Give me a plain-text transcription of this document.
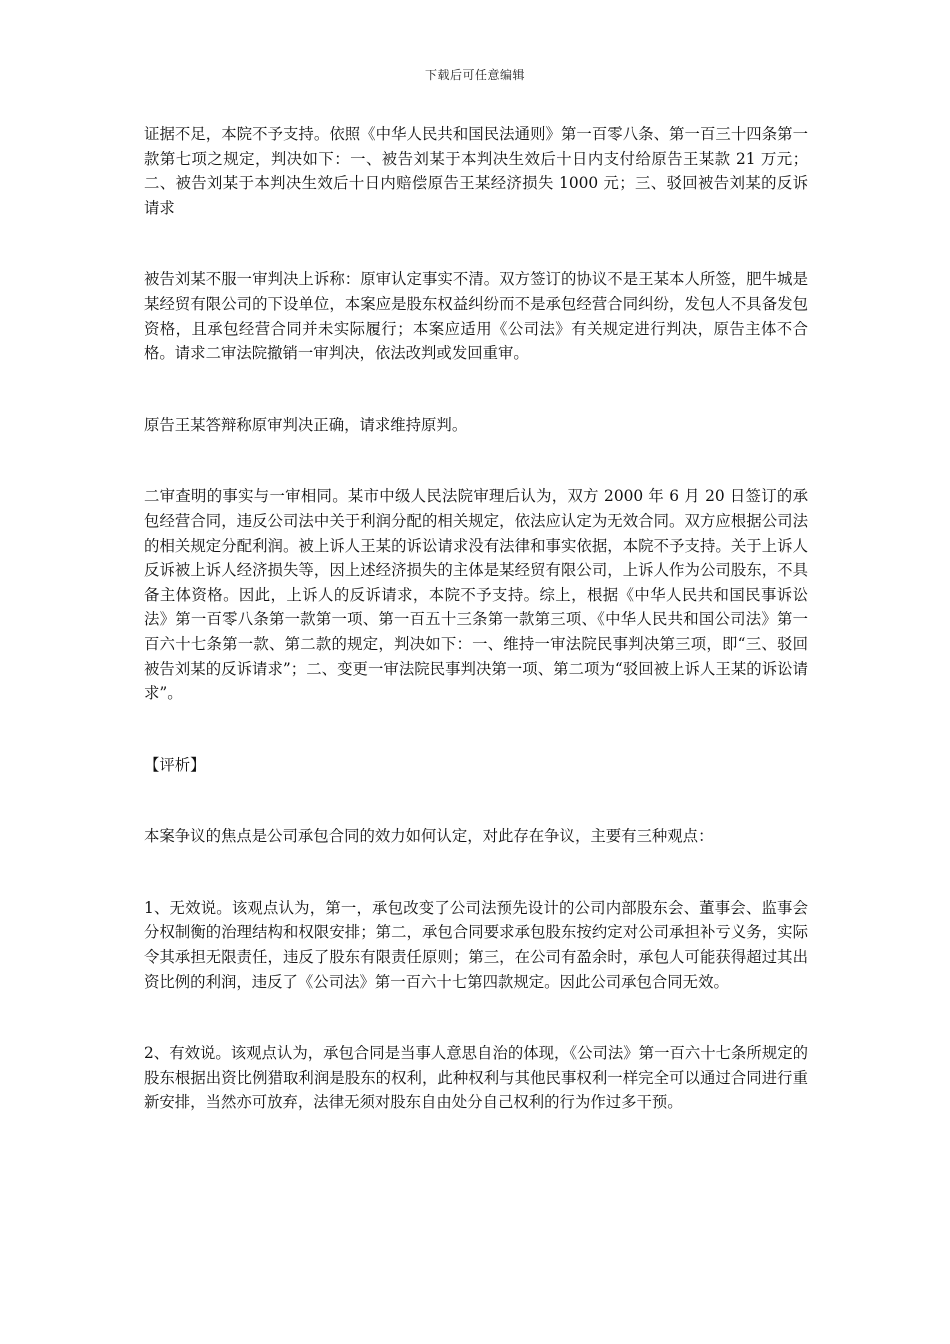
下载后可任意编辑

证据不足，本院不予支持。依照《中华人民共和国民法通则》第一百零八条、第一百三十四条第一款第七项之规定，判决如下：一、被告刘某于本判决生效后十日内支付给原告王某款 21 万元；二、被告刘某于本判决生效后十日内赔偿原告王某经济损失 1000 元；三、驳回被告刘某的反诉请求

被告刘某不服一审判决上诉称：原审认定事实不清。双方签订的协议不是王某本人所签，肥牛城是某经贸有限公司的下设单位，本案应是股东权益纠纷而不是承包经营合同纠纷，发包人不具备发包资格，且承包经营合同并未实际履行；本案应适用《公司法》有关规定进行判决，原告主体不合格。请求二审法院撤销一审判决，依法改判或发回重审。

原告王某答辩称原审判决正确，请求维持原判。

二审查明的事实与一审相同。某市中级人民法院审理后认为，双方 2000 年 6 月 20 日签订的承包经营合同，违反公司法中关于利润分配的相关规定，依法应认定为无效合同。双方应根据公司法的相关规定分配利润。被上诉人王某的诉讼请求没有法律和事实依据，本院不予支持。关于上诉人反诉被上诉人经济损失等，因上述经济损失的主体是某经贸有限公司，上诉人作为公司股东，不具备主体资格。因此，上诉人的反诉请求，本院不予支持。综上，根据《中华人民共和国民事诉讼法》第一百零八条第一款第一项、第一百五十三条第一款第三项、《中华人民共和国公司法》第一百六十七条第一款、第二款的规定，判决如下：一、维持一审法院民事判决第三项，即“三、驳回被告刘某的反诉请求”；二、变更一审法院民事判决第一项、第二项为“驳回被上诉人王某的诉讼请求”。

【评析】

本案争议的焦点是公司承包合同的效力如何认定，对此存在争议，主要有三种观点：

1、无效说。该观点认为，第一，承包改变了公司法预先设计的公司内部股东会、董事会、监事会分权制衡的治理结构和权限安排；第二，承包合同要求承包股东按约定对公司承担补亏义务，实际令其承担无限责任，违反了股东有限责任原则；第三，在公司有盈余时，承包人可能获得超过其出资比例的利润，违反了《公司法》第一百六十七第四款规定。因此公司承包合同无效。

2、有效说。该观点认为，承包合同是当事人意思自治的体现，《公司法》第一百六十七条所规定的股东根据出资比例猎取利润是股东的权利，此种权利与其他民事权利一样完全可以通过合同进行重新安排，当然亦可放弃，法律无须对股东自由处分自己权利的行为作过多干预。
